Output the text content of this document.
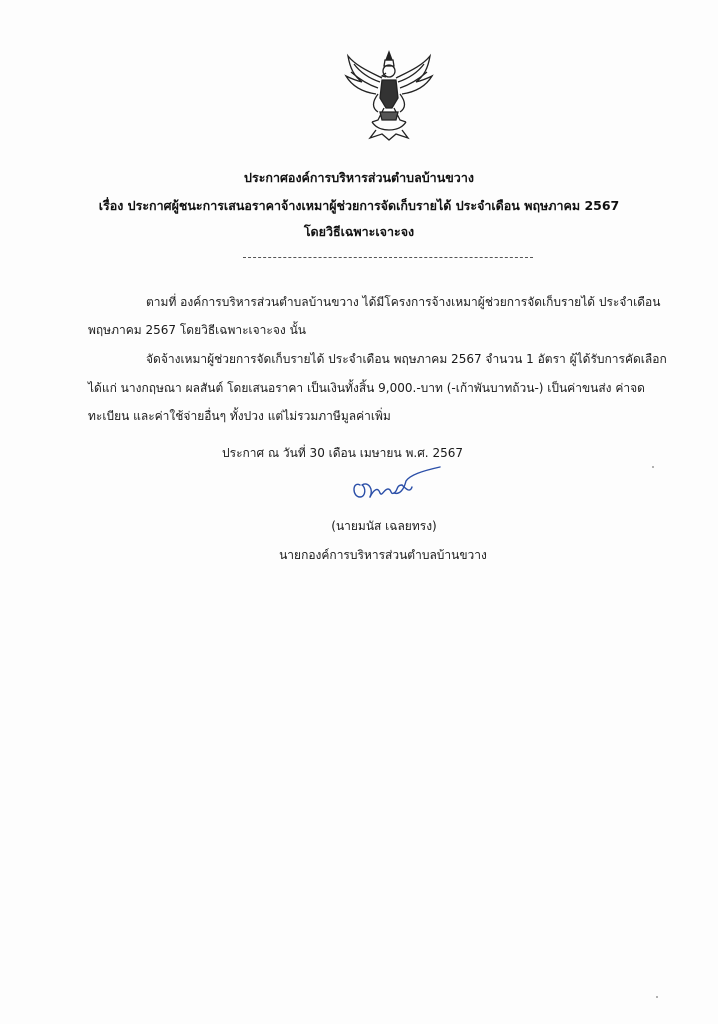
ประกาศองค์การบริหารส่วนตำบลบ้านขวาง
เรื่อง ประกาศผู้ชนะการเสนอราคาจ้างเหมาผู้ช่วยการจัดเก็บรายได้ ประจำเดือน พฤษภาคม 2567
โดยวิธีเฉพาะเจาะจง
ตามที่ องค์การบริหารส่วนตำบลบ้านขวาง ได้มีโครงการจ้างเหมาผู้ช่วยการจัดเก็บรายได้ ประจำเดือน
พฤษภาคม 2567 โดยวิธีเฉพาะเจาะจง นั้น
จัดจ้างเหมาผู้ช่วยการจัดเก็บรายได้ ประจำเดือน พฤษภาคม 2567 จำนวน 1 อัตรา ผู้ได้รับการคัดเลือก
ได้แก่ นางกฤษณา ผลสันต์ โดยเสนอราคา เป็นเงินทั้งสิ้น 9,000.-บาท (-เก้าพันบาทถ้วน-) เป็นค่าขนส่ง ค่าจด
ทะเบียน และค่าใช้จ่ายอื่นๆ ทั้งปวง แต่ไม่รวมภาษีมูลค่าเพิ่ม
ประกาศ ณ วันที่ 30 เดือน เมษายน พ.ศ. 2567
(นายมนัส เฉลยทรง)
นายกองค์การบริหารส่วนตำบลบ้านขวาง
